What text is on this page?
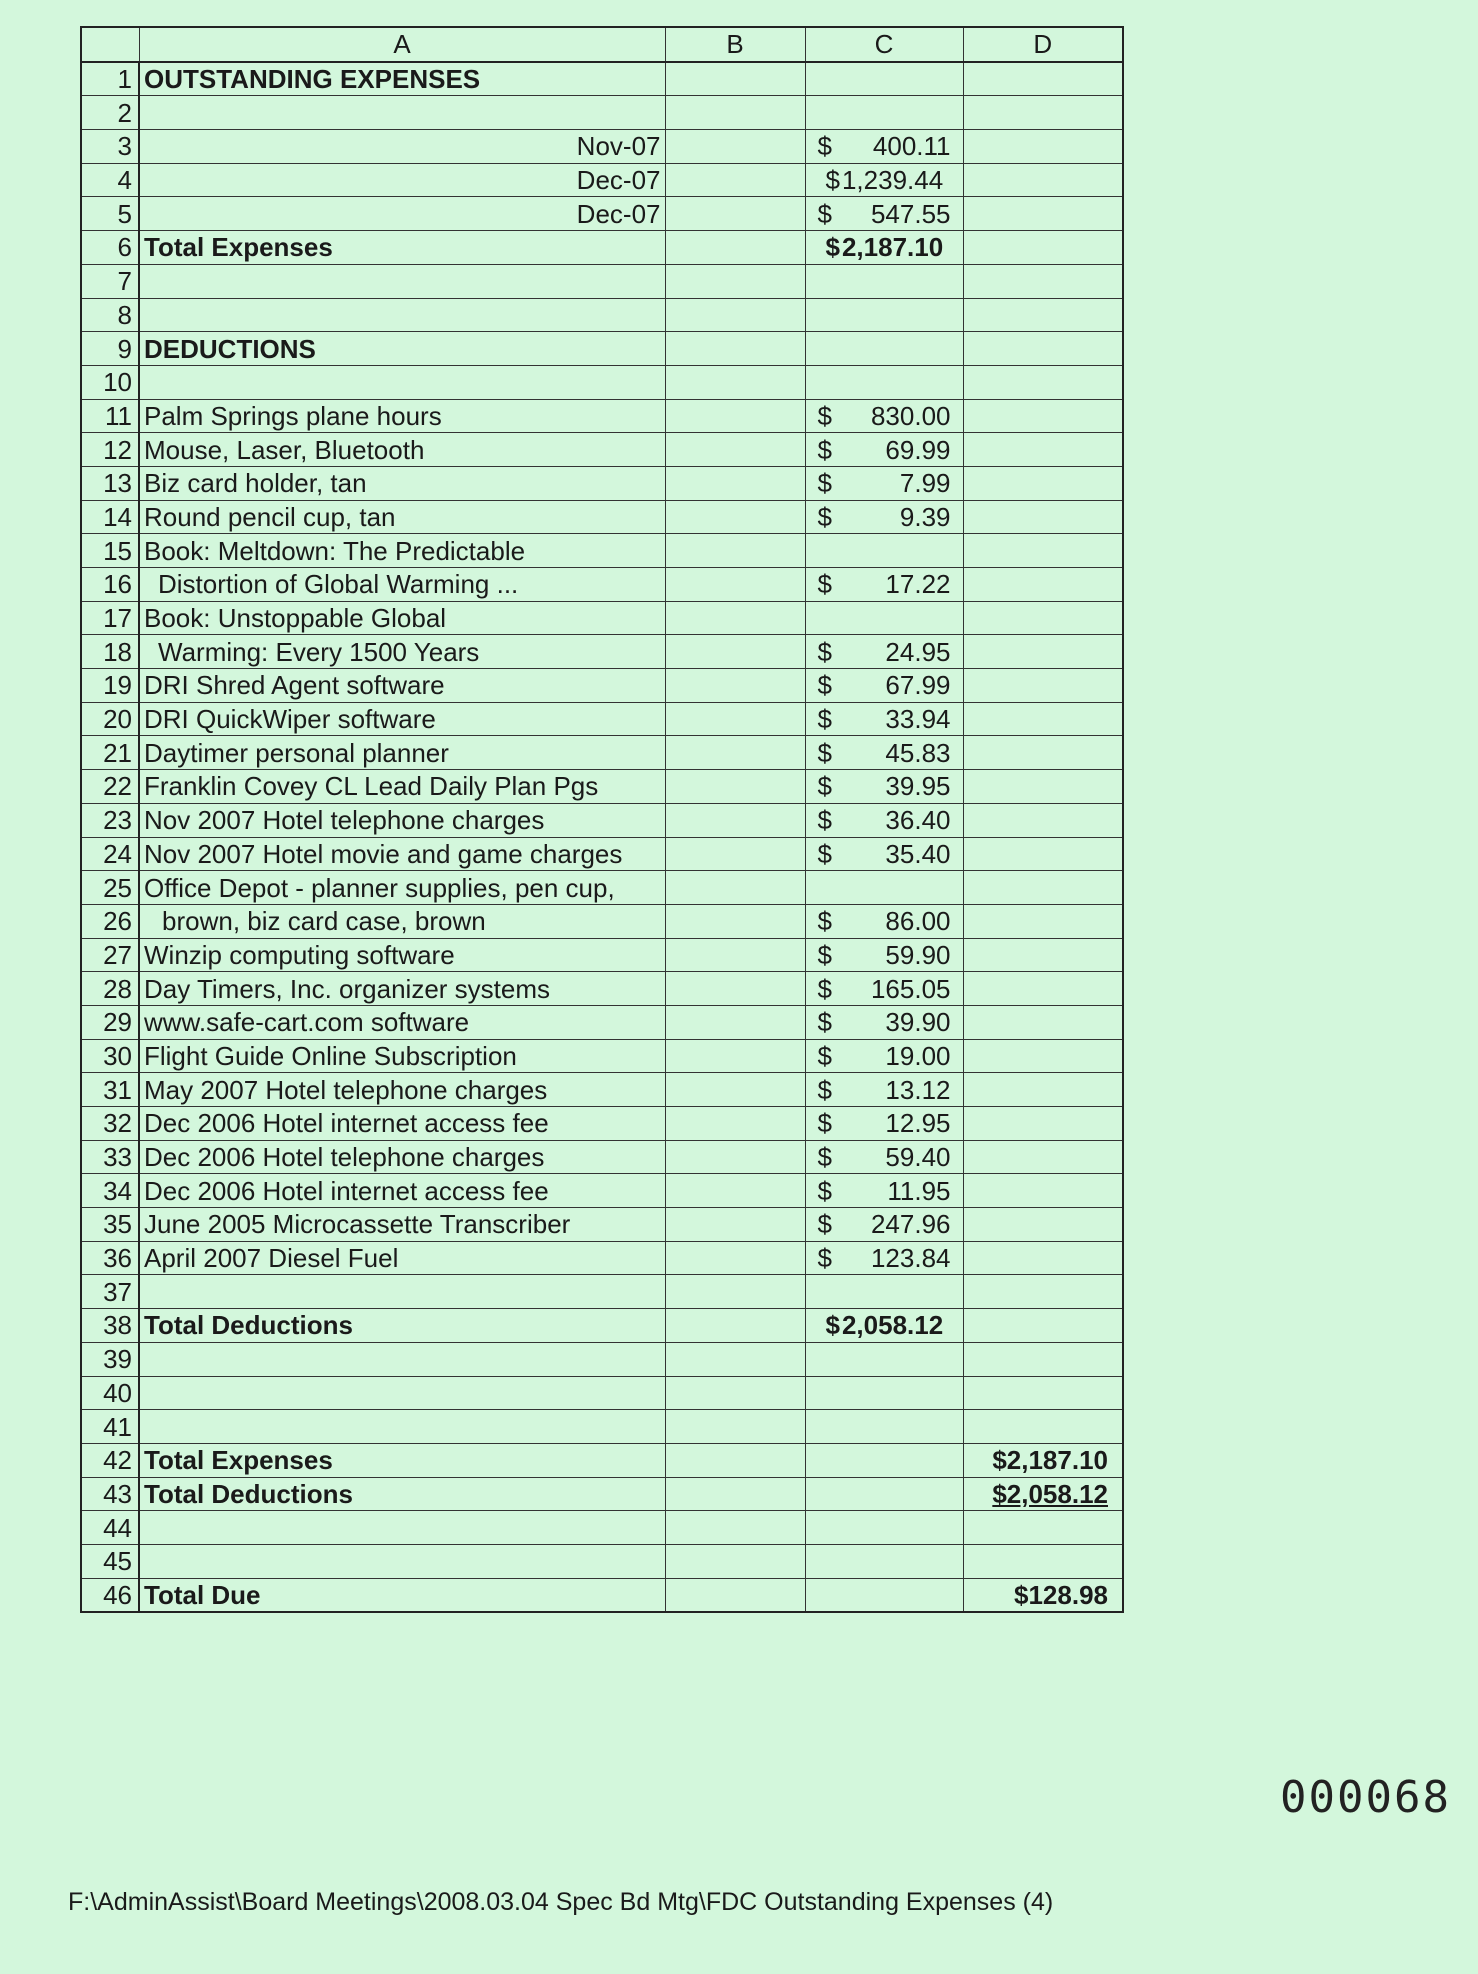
	A	B	C	D
1	OUTSTANDING EXPENSES			
2				
3	Nov-07		$ 400.11	

4	Dec-07		$ 1,239.44	

5	Dec-07		$ 547.55	

6	Total Expenses		$ 2,187.10	

7				
8				
9	DEDUCTIONS			
10				
11	Palm Springs plane hours		$ 830.00	

12	Mouse, Laser, Bluetooth		$ 69.99	

13	Biz card holder, tan		$ 7.99	

14	Round pencil cup, tan		$ 9.39	

15	Book: Meltdown: The Predictable			
16	Distortion of Global Warming ...		$ 17.22	

17	Book: Unstoppable Global			
18	Warming: Every 1500 Years		$ 24.95	

19	DRI Shred Agent software		$ 67.99	

20	DRI QuickWiper software		$ 33.94	

21	Daytimer personal planner		$ 45.83	

22	Franklin Covey CL Lead Daily Plan Pgs		$ 39.95	

23	Nov 2007 Hotel telephone charges		$ 36.40	

24	Nov 2007 Hotel movie and game charges		$ 35.40	

25	Office Depot - planner supplies, pen cup,			
26	brown, biz card case, brown		$ 86.00	

27	Winzip computing software		$ 59.90	

28	Day Timers, Inc. organizer systems		$ 165.05	

29	www.safe-cart.com software		$ 39.90	

30	Flight Guide Online Subscription		$ 19.00	

31	May 2007 Hotel telephone charges		$ 13.12	

32	Dec 2006 Hotel internet access fee		$ 12.95	

33	Dec 2006 Hotel telephone charges		$ 59.40	

34	Dec 2006 Hotel internet access fee		$ 11.95	

35	June 2005 Microcassette Transcriber		$ 247.96	

36	April 2007 Diesel Fuel		$ 123.84	

37				
38	Total Deductions		$ 2,058.12	

39				
40				
41				
42	Total Expenses			$2,187.10
43	Total Deductions			$2,058.12
44				
45				
46	Total Due			$128.98
000068
F:\AdminAssist\Board Meetings\2008.03.04 Spec Bd Mtg\FDC Outstanding Expenses (4)
